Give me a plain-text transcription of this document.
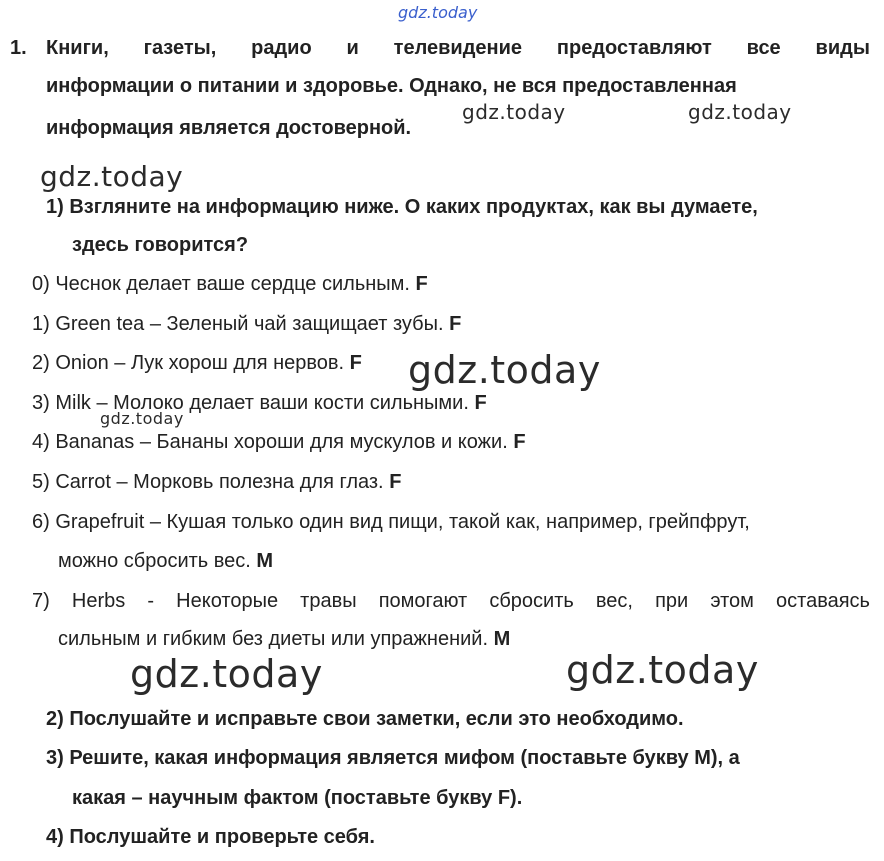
gdz.today
gdz.today	gdz.today
gdz.today
gdz.today
gdz.today
gdz.today	gdz.today
1. Книги, газеты, радио и телевидение предоставляют все виды
информации о питании и здоровье. Однако, не вся предоставленная
информация является достоверной.
1) Взгляните на информацию ниже. О каких продуктах, как вы думаете,
здесь говорится?
0) Чеснок делает ваше сердце сильным. F
1) Green tea – Зеленый чай защищает зубы. F
2) Onion – Лук хорош для нервов. F
3) Milk – Молоко делает ваши кости сильными. F
4) Bananas – Бананы хороши для мускулов и кожи. F
5) Carrot – Морковь полезна для глаз. F
6) Grapefruit – Кушая только один вид пищи, такой как, например, грейпфрут,
можно сбросить вес. M
7) Herbs - Некоторые травы помогают сбросить вес, при этом оставаясь
сильным и гибким без диеты или упражнений. M
2) Послушайте и исправьте свои заметки, если это необходимо.
3) Решите, какая информация является мифом (поставьте букву М), а
какая – научным фактом (поставьте букву F).
4) Послушайте и проверьте себя.
